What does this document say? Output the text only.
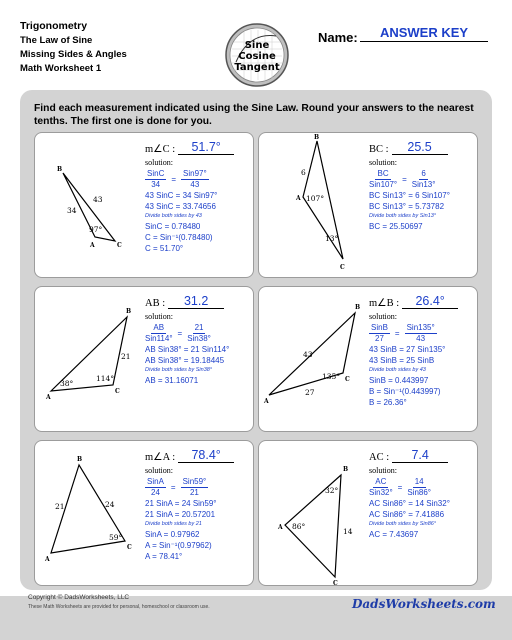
Trigonometry
The Law of Sine
Missing Sides & Angles
Math Worksheet 1
Sine
Cosine
Tangent
Name:	ANSWER KEY
Find each measurement indicated using the Sine Law. Round your answers to the nearest tenths. The first one is done for you.
B
A	C
43
34
97°
m∠C :	51.7°
solution:
$\frac{\text{SinC}}{34} = \frac{\text{Sin97°}}{43}$
43 SinC = 34 Sin97°
43 SinC = 33.74656
Divide both sides by 43
SinC = 0.78480
C = Sin⁻¹(0.78480)
C = 51.70°
B
A
C
6
107°
13°
BC :	25.5
solution:
$\frac{BC}{\text{Sin107°}} = \frac{6}{\text{Sin13°}}$
BC Sin13° = 6 Sin107°
BC Sin13° = 5.73782
Divide both sides by Sin13°
BC = 25.50697
A
B
C
21
38°
114°
AB :	31.2
solution:
$\frac{AB}{\text{Sin114°}} = \frac{21}{\text{Sin38°}}$
AB Sin38° = 21 Sin114°
AB Sin38° = 19.18445
Divide both sides by Sin38°
AB = 31.16071
A
B
C
43
27
135°
m∠B :	26.4°
solution:
$\frac{\text{SinB}}{27} = \frac{\text{Sin135°}}{43}$
43 SinB = 27 Sin135°
43 SinB = 25 SinB
Divide both sides by 43
SinB = 0.443997
B = Sin⁻¹(0.443997)
B = 26.36°
B
A
C
21	24
59°
m∠A :	78.4°
solution:
$\frac{\text{SinA}}{24} = \frac{\text{Sin59°}}{21}$
21 SinA = 24 Sin59°
21 SinA = 20.57201
Divide both sides by 21
SinA = 0.97962
A = Sin⁻¹(0.97962)
A = 78.41°
B
A
C
14
32°
86°
AC :	7.4
solution:
$\frac{AC}{\text{Sin32°}} = \frac{14}{\text{Sin86°}}$
AC Sin86° = 14 Sin32°
AC Sin86° = 7.41886
Divide both sides by Sin86°
AC = 7.43697
Copyright © DadsWorksheets, LLC
These Math Worksheets are provided for personal, homeschool or classroom use.	DadsWorksheets.com
